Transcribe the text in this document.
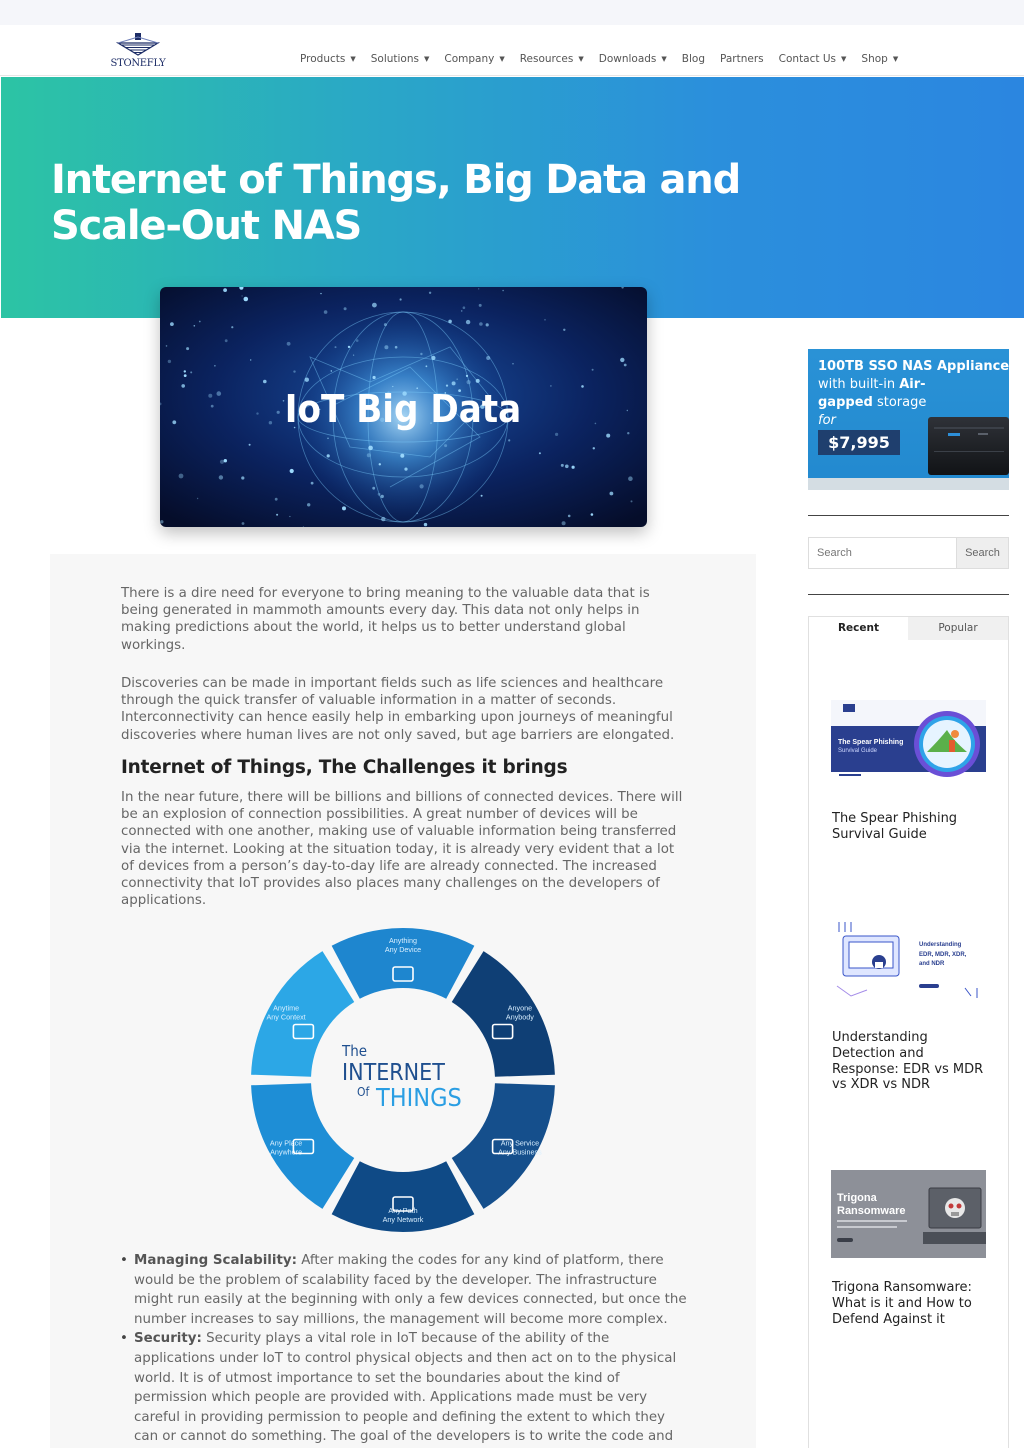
STONEFLY	Products ▼ Solutions ▼ Company ▼ Resources ▼ Downloads ▼ Blog Partners Contact Us ▼ Shop ▼
Internet of Things, Big Data and Scale-Out NAS
IoT Big Data

There is a dire need for everyone to bring meaning to the valuable data that is being generated in mammoth amounts every day. This data not only helps in making predictions about the world, it helps us to better understand global workings.

Discoveries can be made in important fields such as life sciences and healthcare through the quick transfer of valuable information in a matter of seconds. Interconnectivity can hence easily help in embarking upon journeys of meaningful discoveries where human lives are not only saved, but age barriers are elongated.

Internet of Things, The Challenges it brings

In the near future, there will be billions and billions of connected devices. There will be an explosion of connection possibilities. A great number of devices will be connected with one another, making use of valuable information being transferred via the internet. Looking at the situation today, it is already very evident that a lot of devices from a person’s day-to-day life are already connected. The increased connectivity that IoT provides also places many challenges on the developers of applications.

Anything
Any Device
Anyone
Anybody
Any Service
Any Business
Any Path
Any Network
Any Place
Anywhere
Anytime
Any Context
The
INTERNET
Of THINGS
• Managing Scalability: After making the codes for any kind of platform, there would be the problem of scalability faced by the developer. The infrastructure might run easily at the beginning with only a few devices connected, but once the number increases to say millions, the management will become more complex.
• Security: Security plays a vital role in IoT because of the ability of the applications under IoT to control physical objects and then act on to the physical world. It is of utmost importance to set the boundaries about the kind of permission which people are provided with. Applications made must be very careful in providing permission to people and defining the extent to which they can or cannot do something. The goal of the developers is to write the code and
100TB SSO NAS Appliance
with built-in Air-
gapped storage
for
$7,995
Search
Search
Recent	Popular
The Spear Phishing
Survival Guide
The Spear Phishing Survival Guide
Understanding
EDR, MDR, XDR,
and NDR
Understanding Detection and Response: EDR vs MDR vs XDR vs NDR
Trigona
Ransomware
Trigona Ransomware: What is it and How to Defend Against it
